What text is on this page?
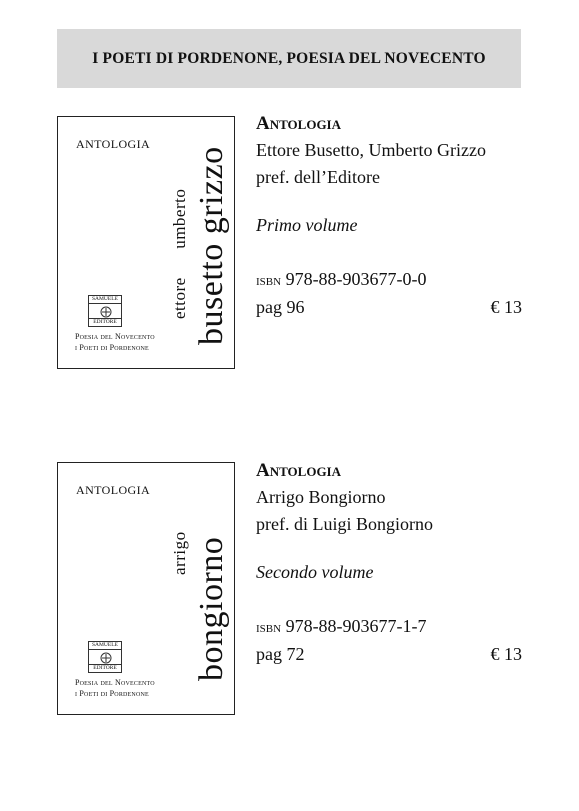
I POETI DI PORDENONE, POESIA DEL NOVECENTO
ANTOLOGIA
ettore      umberto busetto grizzo
SAMUELE
EDITORE
Poesia del Novecento
i Poeti di Pordenone
Antologia
Ettore Busetto, Umberto Grizzo
pref. dell’Editore
Primo volume
isbn 978-88-903677-0-0
pag 96	€ 13
ANTOLOGIA
arrigo bongiorno
SAMUELE
EDITORE
Poesia del Novecento
i Poeti di Pordenone
Antologia
Arrigo Bongiorno
pref. di Luigi Bongiorno
Secondo volume
isbn 978-88-903677-1-7
pag 72	€ 13
